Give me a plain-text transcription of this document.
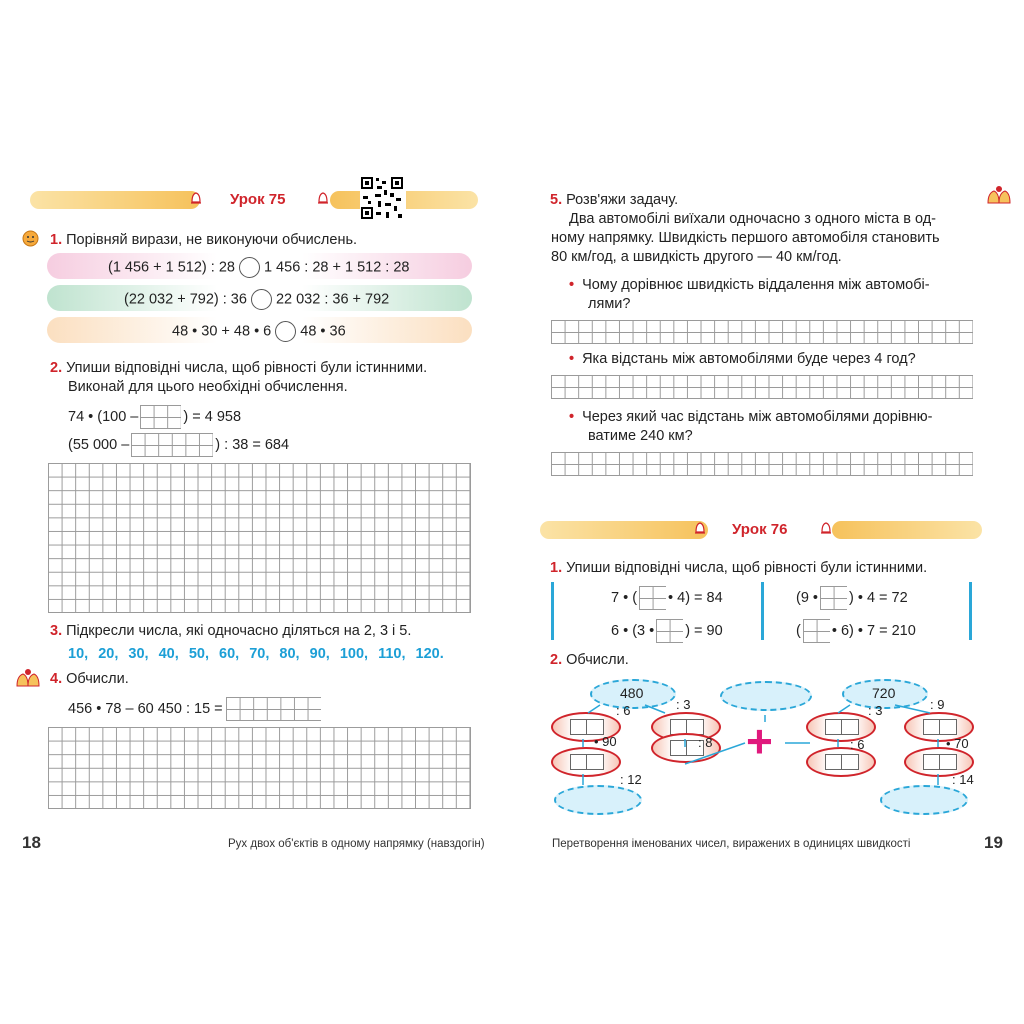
Урок 75
1. Порівняй вирази, не виконуючи обчислень.
(1 456 + 1 512) : 28 1 456 : 28 + 1 512 : 28
(22 032 + 792) : 36 22 032 : 36 + 792
48 • 30 + 48 • 6 48 • 36
2. Упиши відповідні числа, щоб рівності були істинними.
Виконай для цього необхідні обчислення.
74 • (100 –	) = 4 958
(55 000 –	) : 38 = 684
3. Підкресли числа, які одночасно діляться на 2, 3 і 5.
10, 20, 30, 40, 50, 60, 70, 80, 90, 100, 110, 120.
4. Обчисли.
456 • 78 – 60 450 : 15 =
18	Рух двох об'єктів в одному напрямку (навздогін)
5. Розв'яжи задачу.
Два автомобілі виїхали одночасно з одного міста в од-
ному напрямку. Швидкість першого автомобіля становить
80 км/год, а швидкість другого — 40 км/год.
• Чому дорівнює швидкість віддалення між автомобі-
лями?
• Яка відстань між автомобілями буде через 4 год?
• Через який час відстань між автомобілями дорівню-
ватиме 240 км?
Урок 76
1. Упиши відповідні числа, щоб рівності були істинними.
7 • ( • 4) = 84
6 • (3 • ) = 90
(9 • ) • 4 = 72
( • 6) • 7 = 210
2. Обчисли.
480	720
: 6	: 3
• 90	: 8
: 12
: 3	: 9
: 6	• 70
: 14
+
Перетворення іменованих чисел, виражених в одиницях швидкості	19
